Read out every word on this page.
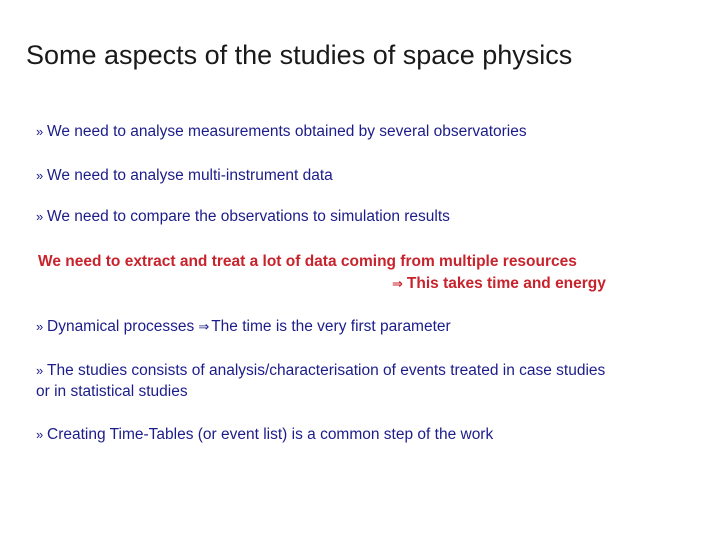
Some aspects of the studies of space physics
» We need to analyse measurements obtained by several observatories
» We need to analyse multi-instrument data
» We need to compare the observations to simulation results
We need to extract and treat a lot of data coming from multiple resources
⇒ This takes time and energy
» Dynamical processes ⇒ The time is the very first parameter
» The studies consists of analysis/characterisation of events treated in case studies
or in statistical studies
» Creating Time-Tables (or event list) is a common step of the work
